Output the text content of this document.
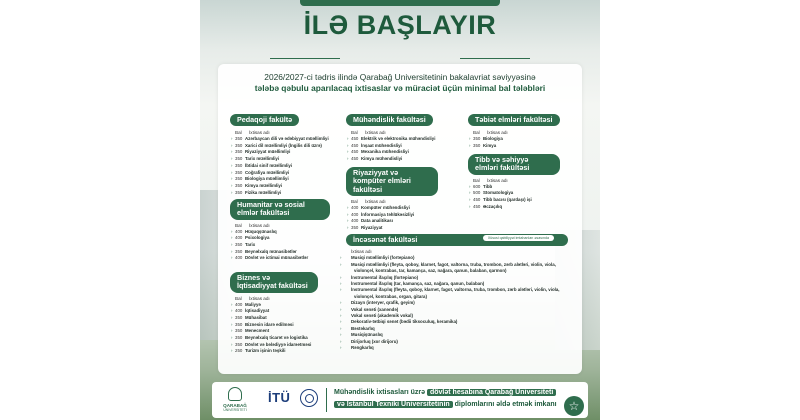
İLƏ BAŞLAYIR
2026/2027-ci tədris ilində Qarabağ Universitetinin bakalavriat səviyyəsinə
tələbə qəbulu aparılacaq ixtisaslar və müraciət üçün minimal bal tələbləri
Pedaqoji fakültə
Bal İxtisas adı
› 350 Azərbaycan dili və ədəbiyyat müəllimliyi
› 350 Xarici dil müəllimliyi (İngilis dili üzrə)
› 350 Riyaziyyat müəllimliyi
› 350 Tarix müəllimliyi
› 350 İbtidai sinif müəllimliyi
› 350 Coğrafiya müəllimliyi
› 350 Biologiya müəllimliyi
› 350 Kimya müəllimliyi
› 350 Fizika müəllimliyi
Humanitar və sosial elmlər fakültəsi
Bal İxtisas adı
› 400 Hüquqşünaslıq
› 400 Psixologiya
› 350 Tarix
› 350 Beynəlxalq münasibətlər
› 400 Dövlət və ictimai münasibətlər
Biznes və İqtisadiyyat fakültəsi
Bal İxtisas adı
› 400 Maliyyə
› 400 İqtisadiyyat
› 350 Mühasibat
› 350 Biznesin idarə edilməsi
› 350 Menecment
› 350 Beynəlxalq ticarət və logistika
› 350 Dövlət və bələdiyyə idarəetməsi
› 250 Turizm işinin təşkili
Mühəndislik fakültəsi
Bal İxtisas adı
› 450 Elektrik və elektronika mühəndisliyi
› 450 İnşaat mühəndisliyi
› 450 Mexanika mühəndisliyi
› 450 Kimya mühəndisliyi
Riyaziyyat və kompüter elmləri fakültəsi
Bal İxtisas adı
› 400 Kompüter mühəndisliyi
› 400 İnformasiya təhlükəsizliyi
› 400 Data analitikası
› 350 Riyaziyyat
İncəsənət fakültəsi	Xüsusi qabiliyyət imtahanları əsasında
İxtisas adı
› Musiqi müəllimliyi (fortepiano)
› Musiqi müəllimliyi (fleyta, qoboy, klarnet, fagot, valtorna, truba, trombon, zərb alətləri, violin, viola, violonçel, kontrabas, tar, kamança, saz, nağara, qanun, balaban, qarmon)
› İnstrumental ifaçılıq (fortepiano)
› İnstrumental ifaçılıq (tar, kamança, saz, nağara, qanun, balaban)
› İnstrumental ifaçılıq (fleyta, qoboy, klarnet, fagot, valtorna, truba, trombon, zərb alətləri, violin, viola, violonçel, kontrabas, organ, gitara)
› Dizayn (interyer, qrafik, geyim)
› Vokal sənəti (xanəndə)
› Vokal sənəti (akademik vokal)
› Dekorativ-tətbiqi sənət (bədii tiksoculuq, keramika)
› Bəstəkarlıq
› Musiqişünaslıq
› Dirijorluq (xor dirijoru)
› Rəngkarlıq
Təbiət elmləri fakültəsi
Bal İxtisas adı
› 350 Biologiya
› 350 Kimya
Tibb və səhiyyə elmləri fakültəsi
Bal İxtisas adı
› 600 Tibb
› 500 Stomatologiya
› 450 Tibb bacısı (qardaşı) işi
› 450 Əczaçılıq
QARABAĞ
UNİVERSİTETİ
İTÜ	Mühəndislik ixtisasları üzrə dövlət hesabına Qarabağ Universiteti
və İstanbul Texniki Universitetinin diplomlarını əldə etmək imkanı	☆
